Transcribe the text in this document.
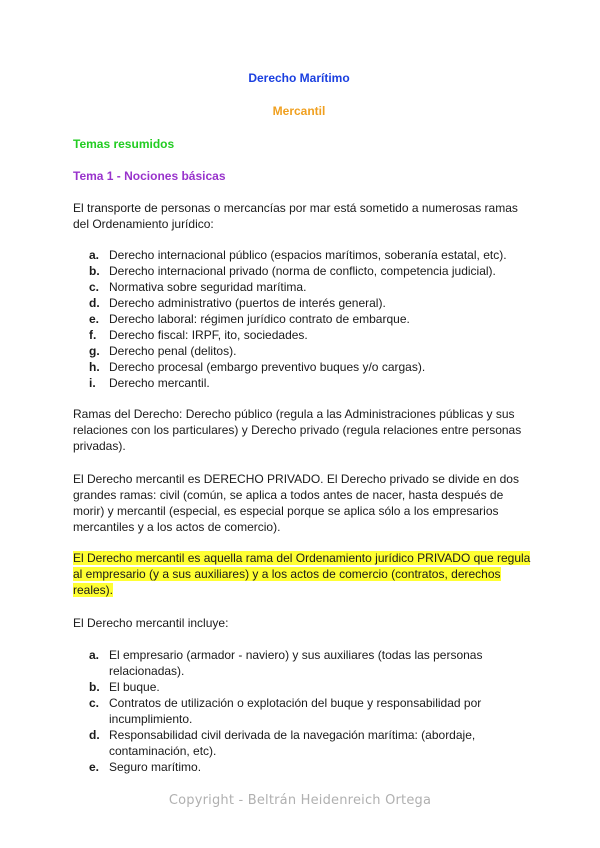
Derecho Marítimo
Mercantil
Temas resumidos
Tema 1 - Nociones básicas

El transporte de personas o mercancías por mar está sometido a numerosas ramas del Ordenamiento jurídico:

a. Derecho internacional público (espacios marítimos, soberanía estatal, etc).
b. Derecho internacional privado (norma de conflicto, competencia judicial).
c. Normativa sobre seguridad marítima.
d. Derecho administrativo (puertos de interés general).
e. Derecho laboral: régimen jurídico contrato de embarque.
f. Derecho fiscal: IRPF, ito, sociedades.
g. Derecho penal (delitos).
h. Derecho procesal (embargo preventivo buques y/o cargas).
i. Derecho mercantil.

Ramas del Derecho: Derecho público (regula a las Administraciones públicas y sus relaciones con los particulares) y Derecho privado (regula relaciones entre personas privadas).

El Derecho mercantil es DERECHO PRIVADO. El Derecho privado se divide en dos grandes ramas: civil (común, se aplica a todos antes de nacer, hasta después de morir) y mercantil (especial, es especial porque se aplica sólo a los empresarios mercantiles y a los actos de comercio).

El Derecho mercantil es aquella rama del Ordenamiento jurídico PRIVADO que regula al empresario (y a sus auxiliares) y a los actos de comercio (contratos, derechos reales).

El Derecho mercantil incluye:

a. El empresario (armador - naviero) y sus auxiliares (todas las personas relacionadas).
b. El buque.
c. Contratos de utilización o explotación del buque y responsabilidad por incumplimiento.
d. Responsabilidad civil derivada de la navegación marítima: (abordaje, contaminación, etc).
e. Seguro marítimo.
Copyright - Beltrán Heidenreich Ortega
